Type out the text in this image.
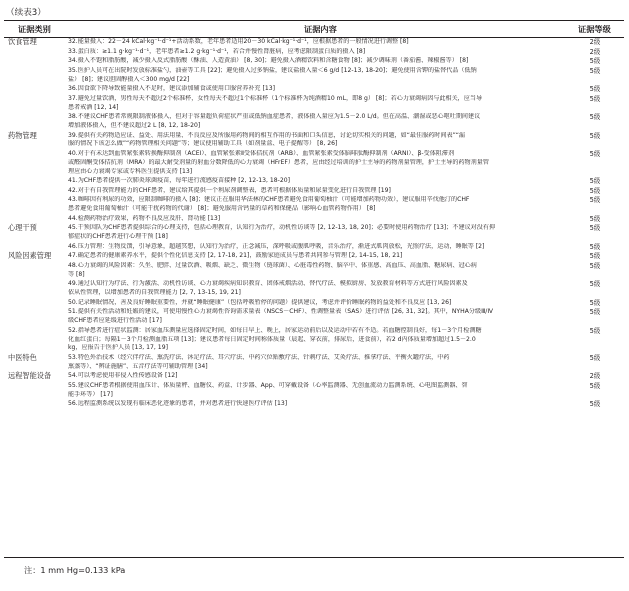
（续表3）
证据类别	证据内容	证据等级
饮食管理	32.能量摄入：22－24 kCal·kg⁻¹·d⁻¹+活动系数，老年患者适用20－30 kCal·kg⁻¹·d⁻¹，应根据患者的一般情况进行调整 [8]	2级
33.蛋白质：≥1.1 g·kg⁻¹·d⁻¹，老年患者≥1.2 g·kg⁻¹·d⁻¹，若合并慢性肾脏病，应考虑限制蛋白质的摄入 [8]	2级
34.摄入不饱和脂肪酸，减少摄入反式脂肪酸（酥油、人造黄油） [8, 30]；避免摄入酒精饮料和含糖食物 [8]；减少调味剂（番茄酱、辣椒酱等） [8]	5级
35.医护人员可在出院时发放标准盐勺，油壶等工具 [22]；避免摄入过多钠盐，建议盐摄入量＜6 g/d [12-13, 18-20]；避免使用含钾的盐替代品（低钠
盐） [8]；建议胆固醇摄入＜300 mg/d [22]
5级
36.因食欲下降导致能量摄入不足时，建议添加辅食或使用口服营养补充 [13]	5级
37.避免过量饮酒，男性每天不超过2个标准杯，女性每天不超过1个标准杯（1个标准杯为纯酒精10 mL，即8 g） [8]；若心力衰竭病因与此相关，应当导
患者戒酒 [12, 14]
5级
38.不建议CHF患者常规限制液体摄入，但对于容量超负荷症状严重或低钠血症患者，液体摄入量应为1.5－2.0 L/d。但在高温、潮湿或恶心呕吐期间建议
增加液体摄入，但不建议超过2 L [8, 12, 18-20]
5级
药物管理	39.提供有关药物适应证、益处、用法用量、不良反应及所服用药物间的相互作用的书面和口头信息，讨论切实相关的问题，如“最佳服药时间表”“漏
服的情况下该怎么做”“药物管理相关问题”等；建议使用辅助工具（如剂量盒、电子提醒等） [8, 26]
5级
40.对于有未达到血管紧张素转换酶抑制剂（ACEI）、血管紧张素Ⅱ受体拮抗剂（ARB）、血管紧张素受体脑啡肽酶抑制剂（ARNI）、β-受体阻滞剂
或醛固酮受体拮抗剂（MRA）的最大耐受剂量的射血分数降低的心力衰竭（HFrEF）患者，应由经过培训的护士主导的药物剂量管理，护士主导的药物剂量管
理应由心力衰竭专家或专科医生提供支持 [13]
5级
41.为CHF患者提供一次肺炎球菌疫苗，每年进行流感疫苗接种 [2, 12-13, 18-20]	5级
42.对于有自我管理能力的CHF患者，建议给其提供一个利尿剂调整表，患者可根据体质量和尿量变化进行自我管理 [19]	5级
43.咖啡因有利尿的功效，应限制咖啡的摄入 [8]；建议正在服用华法林的CHF患者避免食用葡萄柚汁（可能增加药物功效），建议服用辛伐他汀的CHF
患者避免食用葡萄柚汁（可能干扰药物的代谢） [8]；避免服用含钙量的草药和保健品（影响心血管药物作用） [8]
5级
44.检测药物治疗效果，药物不良反应及肝、肾功能 [13]	5级
心理干预	45.干预因队为CHF患者提供综合的心理支持，包括心理教育，认知行为治疗，动机性访谈等 [2, 12-13, 18, 20]；必要时使用药物治疗 [13]；不建议对没有抑
郁症状的CHF患者进行心理干预 [18]
5级
46.压力管理：生物反馈，引导意象，超越冥想，认知行为治疗，正念减压，深呼吸或腹肌呼吸，音乐治疗，渐进式肌肉放松，光照疗法，运动，睡眠等 [2]	5级
风险因素管理	47.确定患者的健康素养水平，提供个性化信息支持 [2, 17-18, 21]，鼓励家庭成员与患者共同参与管理 [2, 14-15, 18, 21]	5级
48.心力衰竭的风险因素：久坐、肥胖、过量饮酒、吸烟、缺乏、微生物（链球菌）、心脏毒性药物、脑卒中、体重感、高血压、高血脂、糖尿病、冠心病
等 [8]
5级
49.通过认知行为疗法、行为激活、动机性访谈、心力衰竭疾病知识教育、团体戒烟活动、替代疗法、模拟厨房、发放教育材料等方式进行风险因素及
依从性管理，以增加患者的自我管理能力 [2, 7, 13-15, 19, 21]
5级
50.记录睡眠情况，善及良好睡眠重要性，并就“睡眠健康”（包括呼吸暂停的问题）提供建议，考虑并评价睡眠药物的益处和不良反应 [13, 26]	5级
51.提供有关性活动和妊娠的建议，可使用慢性心力衰竭性咨询需求量表（NSCS－CHF）、性调整量表（SAS）进行评估 [26, 31, 32]。其中，NYHA分级Ⅲ/Ⅳ
级CHF患者应延缓进行性活动 [17]
5级
52.指导患者进行症状监测：居家血压测量应选择固定时间，如每日早上、晚上，居家运动前后以及运动中若有不适。若血糖控制良好，每1－3个月检测糖
化血红蛋白；每隔1－3个月检测血脂五项 [13]；建议患者每日固定时间称体质量（晨起、穿衣前，排尿后，进食前），若2 d内体质量增加超过1.5－2.0
kg，应报告于医护人员 [13, 17, 19]
5级
中医特色	53.特色外治技术（经穴伴疗法、熏洗疗法、沐足疗法、耳穴疗法、中药穴位贴敷疗法、针刺疗法、艾灸疗法、推拿疗法、平衡火罐疗法，中药
熏蒸等）、“辨证施膳”、五音疗法等可辅助管理 [34]
5级
远程智能设备	54.可以考虑使用非侵入性传感设备 [12]	2级
55.建议CHF患者根据使用血压计、体质量秤、血糖仪、药盒、计步器、App、可穿戴设备（心率监测器、无创血流动力监测系统、心电图监测器、智
能手环等） [17]
5级
56.远程监测系统以发现有临床恶化迹象的患者，并对患者进行快速医疗评估 [13]	5级
注：1 mm Hg=0.133 kPa
